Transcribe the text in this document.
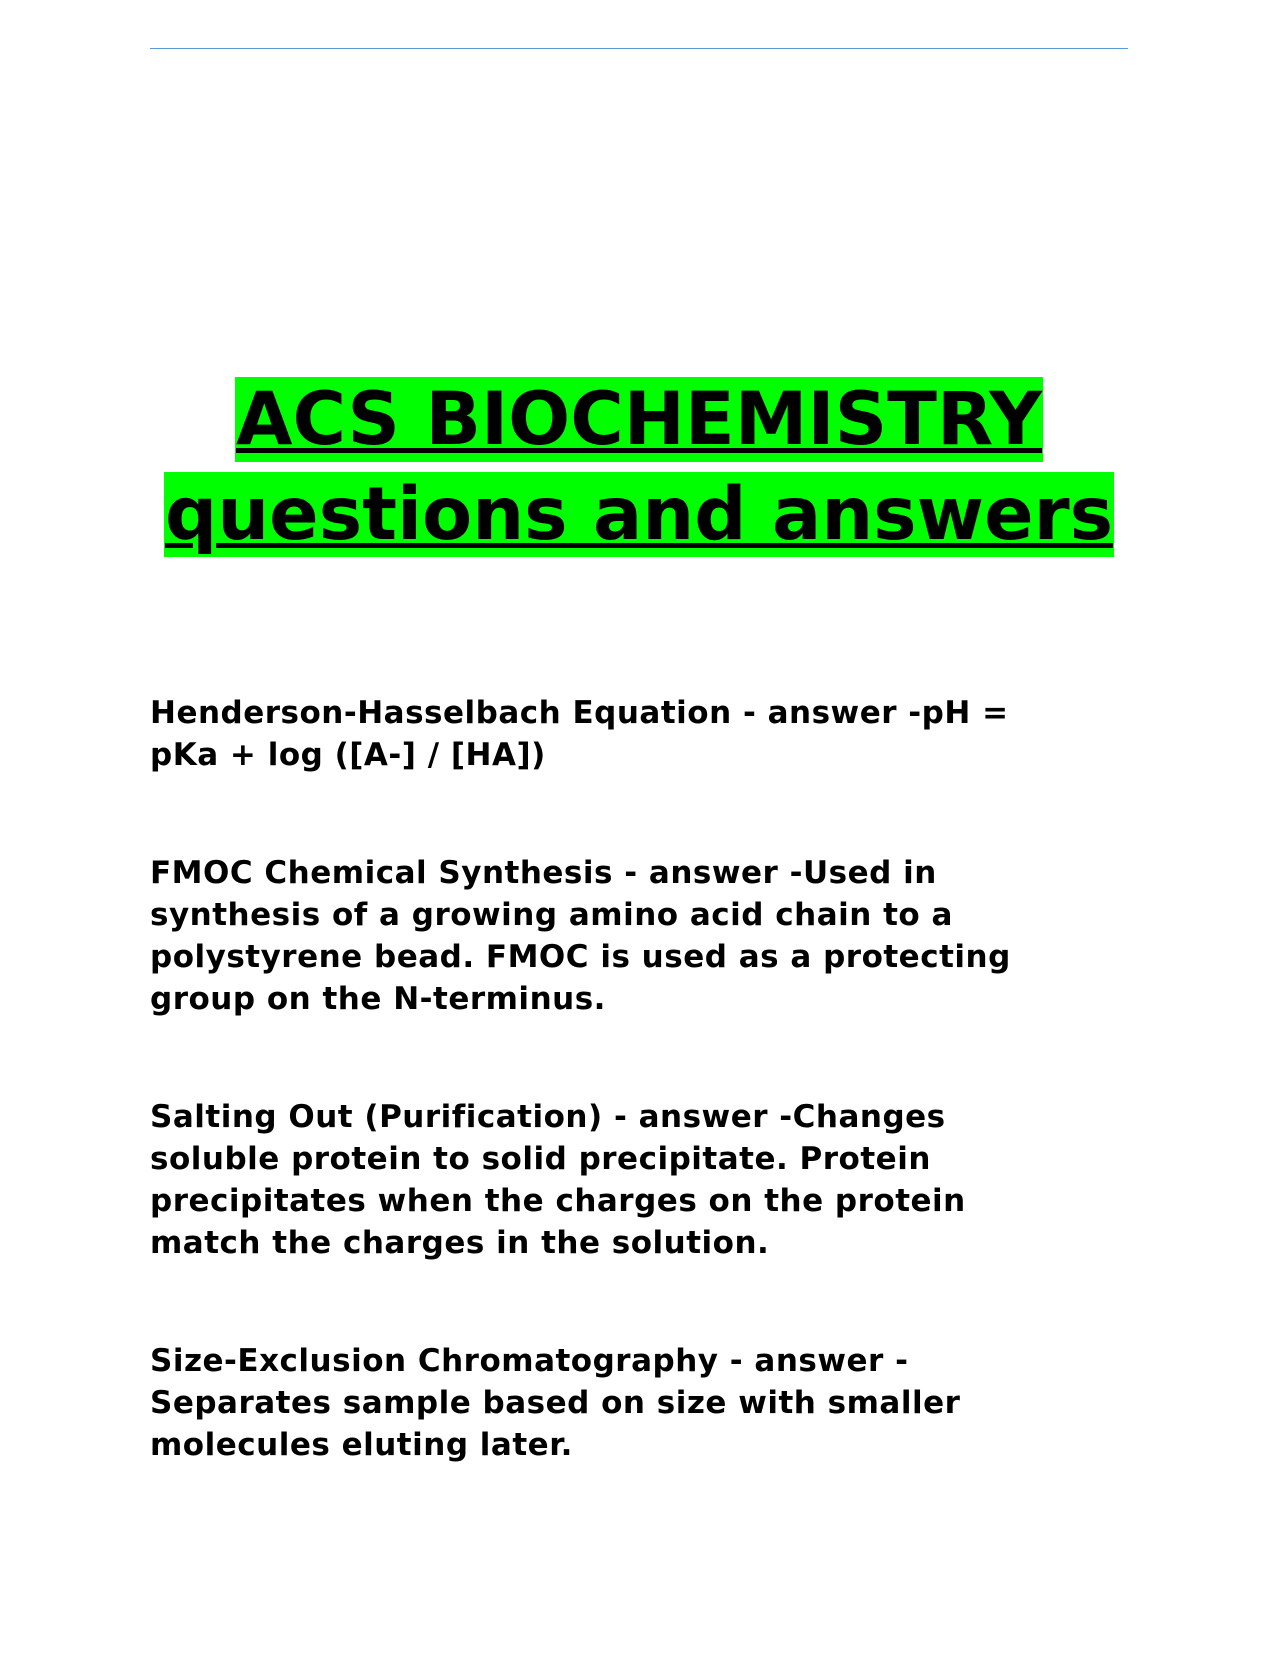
ACS BIOCHEMISTRY
questions and answers

Henderson-Hasselbach Equation - answer -pH =
pKa + log ([A-] / [HA])

FMOC Chemical Synthesis - answer -Used in
synthesis of a growing amino acid chain to a
polystyrene bead. FMOC is used as a protecting
group on the N-terminus.

Salting Out (Purification) - answer -Changes
soluble protein to solid precipitate. Protein
precipitates when the charges on the protein
match the charges in the solution.

Size-Exclusion Chromatography - answer -
Separates sample based on size with smaller
molecules eluting later.
